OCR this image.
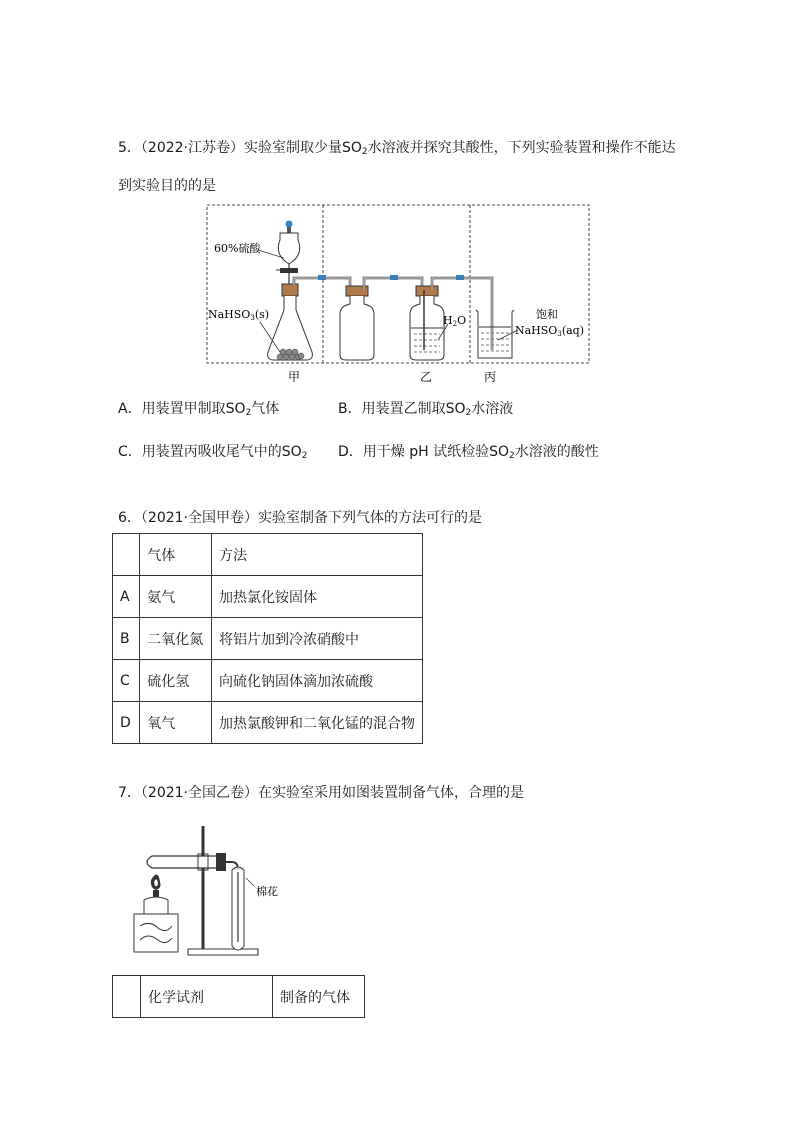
5．（2022·江苏卷）实验室制取少量$SO_2$水溶液并探究其酸性，下列实验装置和操作不能达
到实验目的的是
60%硫酸
NaHSO3(s)	H2O	饱和
NaHSO3(aq)
甲	乙	丙
A．用装置甲制取$SO_2$气体	B．用装置乙制取$SO_2$水溶液
C．用装置丙吸收尾气中的$SO_2$ D．用干燥 pH 试纸检验$SO_2$水溶液的酸性
6．（2021·全国甲卷）实验室制备下列气体的方法可行的是
	气体	方法
A	氨气	加热氯化铵固体
B	二氧化氮	将铝片加到冷浓硝酸中
C	硫化氢	向硫化钠固体滴加浓硫酸
D	氧气	加热氯酸钾和二氧化锰的混合物
7．（2021·全国乙卷）在实验室采用如图装置制备气体，合理的是
棉花
	化学试剂	制备的气体
